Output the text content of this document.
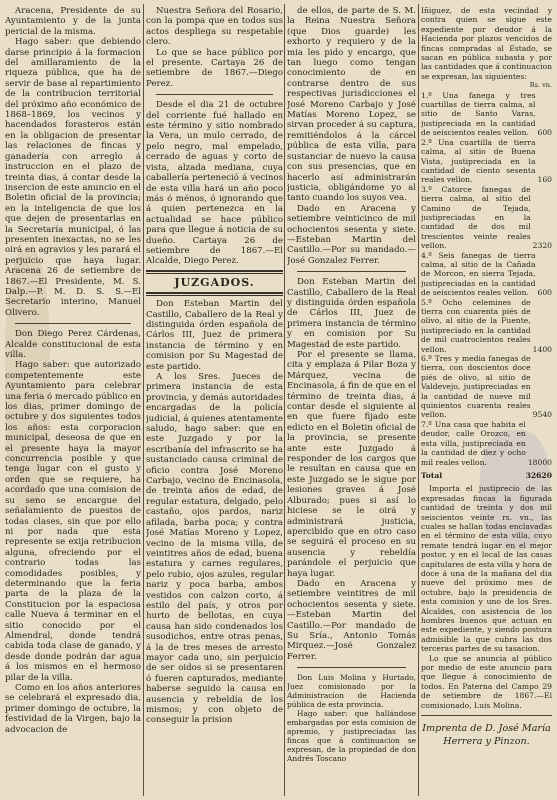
Aracena, Presidente de su Ayuntamiento y de la junta pericial de la misma.

Hago saber: que debiendo darse principio á la formacion del amillaramiento de la riqueza pública, que ha de servir de base al repartimiento de la contribucion territorial del próximo año económico de 1868–1869, los vecinos y hacendados forasteros están en la obligacion de presentar las relaciones de fincas y ganadería con arreglo á instruccion en el plazo de treinta dias, á contar desde la insercion de este anuncio en el Boletin oficial de la provincia; en la inteligencia de que los que dejen de presentarlas en la Secretaría municipal, ó las presenten inexactas, no se les oirá en agravios y les parará el perjuicio que haya lugar. Aracena 26 de setiembre de 1867.—El Presidente, M. S. Dalp.—P. M. D. S. S.—El Secretario interino, Manuel Olivero.

Don Diego Perez Cárdenas, Alcalde constitucional de esta villa.

Hago saber: que autorizado competentemente este Ayuntamiento para celebrar una feria ó mercado público en los dias, primer domingo de octubre y dos siguientes todos los años: esta corporacion municipal, deseosa de que en el presente haya la mayor concurrencia posible y que tenga lugar con el gusto y orden que se requiere, ha acordado que una comision de su seno se encargue del señalamiento de puestos de todas clases, sin que por ello ni por nada que esta represente se exija retribucion alguna, ofreciendo por el contrario todas las comodidades posibles, y determinando que la feria parta de la plaza de la Constitucion por la espaciosa calle Nueva á terminar en el sitio conocido por el Almendral, donde tendrá cabida toda clase de ganado, y desde donde podrán dar agua á los mismos en el hermoso pilar de la villa.

Como en los años anteriores se celebrará el expresado dia, primer domingo de octubre, la festividad de la Virgen, bajo la advocacion de

Nuestra Señora del Rosario, con la pompa que en todos sus actos despliega su respetable clero.

Lo que se hace público por el presente. Cartaya 26 de setiembre de 1867.—Diego Perez.

Desde el dia 21 de octubre del corriente fué hallado en este término y sitio nombrado la Vera, un mulo cerrado, de pelo negro, mal empelado, cerrado de aguas y corto de vista, alzada mediana, cuya caballería perteneció á vecinos de esta villa hará un año poco más ó ménos, ó ignorando que á quien pertenezca en la actualidad se hace público para que llegue á noticia de su dueño. Cartaya 26 de setiembre de 1867.—El Alcalde, Diego Perez.

JUZGADOS.

Don Esteban Martin del Castillo, Caballero de la Real y distinguida órden española de Cárlos III, Juez de primera instancia de término y en comision por Su Magestad de este partido.

A los Sres. Jueces de primera instancia de esta provincia, y demás autoridades encargadas de la policía judicial, á quienes atentamente saludo, hago saber: que en este Juzgado y por la escribanía del infrascrito se ha sustanciado causa criminal de oficio contra José Moreno Carbajo, vecino de Encinasola, de treinta años de edad, de regular estatura, delgado, pelo castaño, ojos pardos, nariz afilada, barba poca; y contra José Matías Moreno y Lopez, vecino de la misma villa, de veintitres años de edad, buena estatura y carnes regulares, pelo rubio, ojos azules, regular nariz y poca barba, ambos vestidos con calzon corto, á estilo del país, y otros por hurto de bellotas, en cuya causa han sido condenados los susodichos, entre otras penas, á la de tres meses de arresto mayor cada uno, sin perjuicio de ser oidos si se presentaren ó fueren capturados, mediante haberse seguido la causa en ausencia y rebeldía de los mismos; y con objeto de conseguir la prision

de ellos, de parte de S. M. la Reina Nuestra Señora (que Dios guarde) les exhorto y requiero y de la mia les pido y encargo, que tan luego como tengan conocimiento de en contrarse dentro de sus respectivas jurisdicciones el José Moreno Carbajo y José Matías Moreno Lopez, se sirvan proceder á su captura, remitiéndolos á la cárcel pública de esta villa, para sustanciar de nuevo la causa con sus presencias, que en hacerlo así administrarán justicia, obligándome yo al tanto cuando los suyos vea.

Dado en Aracena y setiembre veinticinco de mil ochocientos sesenta y siete.—Esteban Martin del Castillo.—Por su mandado.—José Gonzalez Ferrer.

Don Esteban Martin del Castillo, Caballero de la Real y distinguida órden española de Cárlos III, Juez de primera instancia de término y en comision por Su Magestad de este partido.

Por el presente se llama, cita y emplaza á Pilar Boza y Márquez, vecina de Encinasola, á fin de que en el término de treinta dias, á contar desde el siguiente al en que fuere fijado este edicto en el Boletin oficial de la provincia, se presente ante este Juzgado á responder de los cargos que le resultan en causa que en este Juzgado se le sigue por lesiones graves á José Alburado; pues si así lo hiciese se le oirá y administrará justicia, apercibido que en otro caso se seguirá el proceso en su ausencia y rebeldía parándole el perjuicio que haya lugar.

Dado en Aracena y setiembre veintitres de mil ochocientos sesenta y siete.—Esteban Martin del Castillo.—Por mandado de Su Sría., Antonio Tomás Mirquez.—José Gonzalez Ferrer.

Don Luis Molina y Hurtado, Juez comisionado por la Administracion de Hacienda pública de esta provincia.

Hago saber: que hallándose embargadas por esta comision de apremio, y justipreciadas las fincas que á continuacion se expresan, de la propiedad de don Andrés Toscano

Iñiguez, de esta vecindad y contra quien se sigue este expediente por deudor á la Hacienda por plazos vencidos de fincas compradas al Estado, se sacan en pública subasta y por las cantidades que á continuacion se expresan, las siguientes:

Rs. vn.
1.º Una fanega y tres cuartillas de tierra calma, al sitio de Santo Varas, justipreciada en la cantidad de seiscientos reales vellon.	600
2.º Una cuartilla de tierra calma, al sitio de Buena Vista, justipreciada en la cantidad de ciento sesenta reales vellon.	160
3.º Catorce fanegas de tierra calma, al sitio del Camino de Tejada, justipreciadas en la cantidad de dos mil trescientos veinte reales vellon.	2320
4.º Seis fanegas de tierra calma, al sitio de la Cañada de Morcon, en sierra Tejada, justipreciadas en la cantidad de seiscientos reales vellon.	600
5.º Ocho celemines de tierra con cuarenta piés de olivo, al sitio de la Fuente, justipreciado en la cantidad de mil cuatrocientos reales vellon.	1400
6.º Tres y media fanegas de tierra, con doscientos doce piés de olivo, al sitio de Valdevejo, justipreciadas en la cantidad de nueve mil quinientos cuarenta reales vellon.	9540
7.º Una casa que habita el deudor, calle Orozco, en esta villa, justipreciada en la cantidad de diez y ocho mil reales vellon.	18000
Total	32620

Importa el justiprecio de las expresadas fincas la figurada cantidad de treinta y dos mil seiscientos veinte rs. vn., las cuales se hallan todas enclavadas en el término de esta villa, cuyo remate tendrá lugar en el mejor postor, y en el local de las casas capitulares de esta villa y hora de doce á una de la mañana del dia nueve del próximo mes de octubre, bajo la presidencia de esta comision y uno de los Sres. Alcaldes, con asistencia de los hombres buenos que actuan en este expediente, y siendo postura admisible la que cubra las dos terceras partes de su tasacion.

Lo que se anuncia al público por medio de este anuncio para que llegue á conocimiento de todos. En Paterna del Campo 29 de setiembre de 1867.—El comisionado, Luis Molina.

Imprenta de D. José María
Herrera y Pinzon.
